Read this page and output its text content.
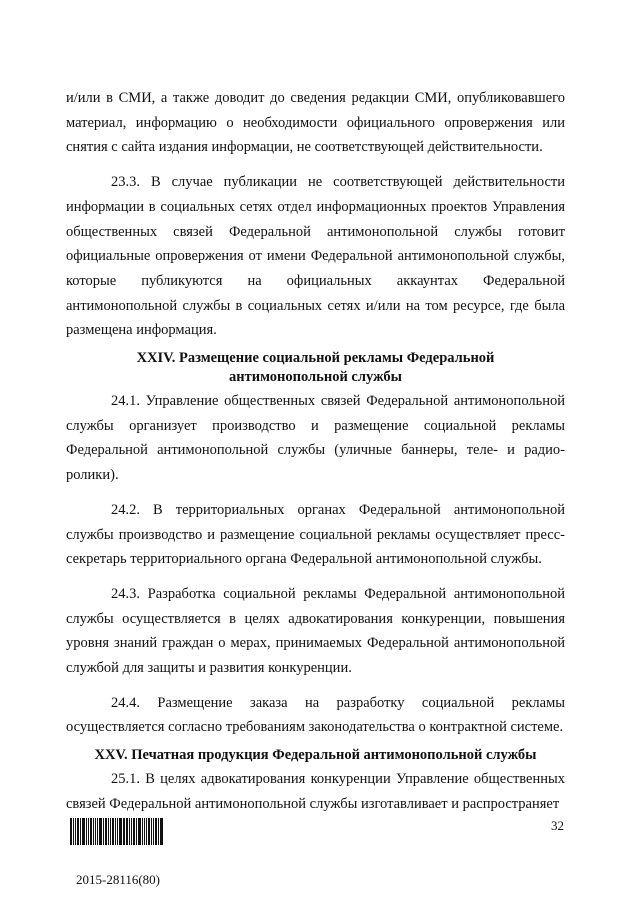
и/или в СМИ, а также доводит до сведения редакции СМИ, опубликовавшего материал, информацию о необходимости официального опровержения или снятия с сайта издания информации, не соответствующей действительности.

23.3. В случае публикации не соответствующей действительности информации в социальных сетях отдел информационных проектов Управления общественных связей Федеральной антимонопольной службы готовит официальные опровержения от имени Федеральной антимонопольной службы, которые публикуются на официальных аккаунтах Федеральной антимонопольной службы в социальных сетях и/или на том ресурсе, где была размещена информация.

XXIV. Размещение социальной рекламы Федеральной
антимонопольной службы

24.1. Управление общественных связей Федеральной антимонопольной службы организует производство и размещение социальной рекламы Федеральной антимонопольной службы (уличные баннеры, теле- и радио-ролики).

24.2. В территориальных органах Федеральной антимонопольной службы производство и размещение социальной рекламы осуществляет пресс-секретарь территориального органа Федеральной антимонопольной службы.

24.3. Разработка социальной рекламы Федеральной антимонопольной службы осуществляется в целях адвокатирования конкуренции, повышения уровня знаний граждан о мерах, принимаемых Федеральной антимонопольной службой для защиты и развития конкуренции.

24.4. Размещение заказа на разработку социальной рекламы осуществляется согласно требованиям законодательства о контрактной системе.

XXV. Печатная продукция Федеральной антимонопольной службы

25.1. В целях адвокатирования конкуренции Управление общественных связей Федеральной антимонопольной службы изготавливает и распространяет

32
2015-28116(80)
